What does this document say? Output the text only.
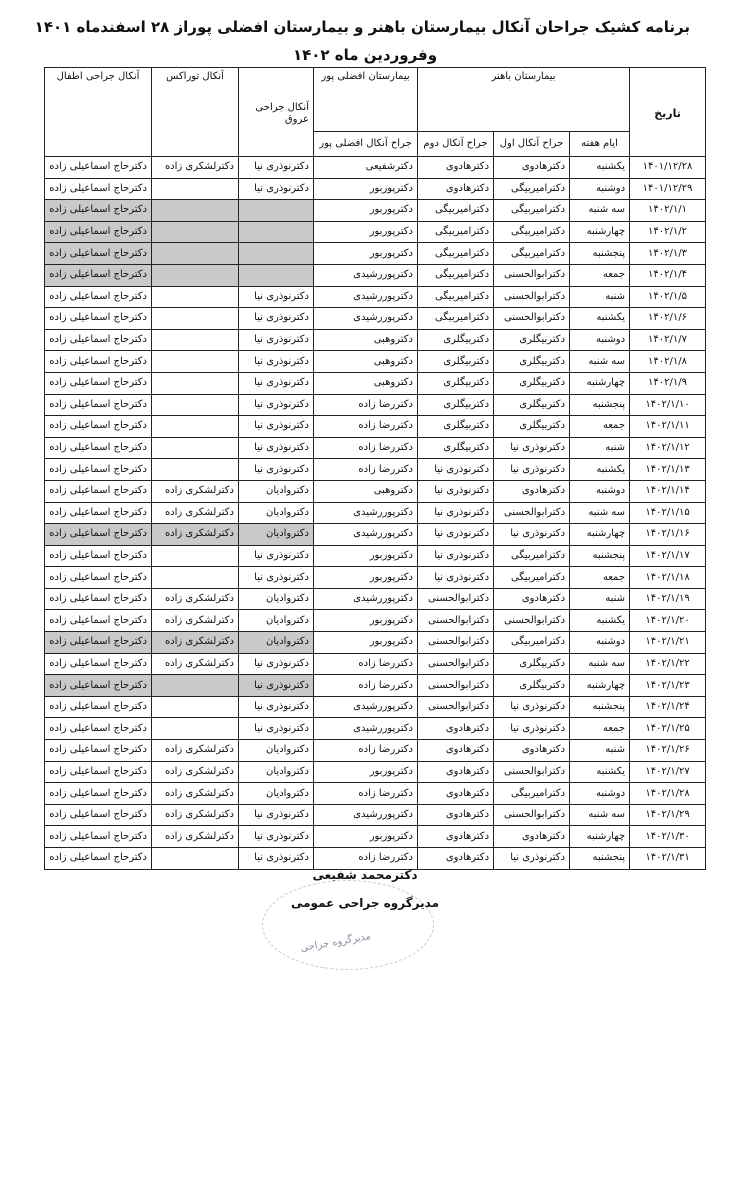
برنامه کشیک جراحان آنکال بیمارستان باهنر و بیمارستان افضلی پوراز ۲۸ اسفندماه ۱۴۰۱
وفروردین ماه ۱۴۰۲
تاریخ	بیمارستان باهنر			بیمارستان افضلی پور	آنکال جراحی عروق	آنکال توراکس	آنکال جراحی اطفال
	ایام هفته	جراح آنکال اول	جراح آنکال دوم	جراح آنکال افضلی پور			
۱۴۰۱/۱۲/۲۸	یکشنبه	دکترهادوی	دکترهادوی	دکترشفیعی	دکترنوذری نیا	دکترلشکری زاده	دکترحاج اسماعیلی زاده
۱۴۰۱/۱۲/۲۹	دوشنبه	دکترامیربیگی	دکترهادوی	دکترپوربور	دکترنوذری نیا		دکترحاج اسماعیلی زاده
۱۴۰۲/۱/۱	سه شنبه	دکترامیربیگی	دکترامیربیگی	دکترپوربور			دکترحاج اسماعیلی زاده
۱۴۰۲/۱/۲	چهارشنبه	دکترامیربیگی	دکترامیربیگی	دکترپوربور			دکترحاج اسماعیلی زاده
۱۴۰۲/۱/۳	پنجشنبه	دکترامیربیگی	دکترامیربیگی	دکترپوربور			دکترحاج اسماعیلی زاده
۱۴۰۲/۱/۴	جمعه	دکترابوالحسنی	دکترامیربیگی	دکترپوررشیدی			دکترحاج اسماعیلی زاده
۱۴۰۲/۱/۵	شنبه	دکترابوالحسنی	دکترامیربیگی	دکترپوررشیدی	دکترنوذری نیا		دکترحاج اسماعیلی زاده
۱۴۰۲/۱/۶	یکشنبه	دکترابوالحسنی	دکترامیربیگی	دکترپوررشیدی	دکترنوذری نیا		دکترحاج اسماعیلی زاده
۱۴۰۲/۱/۷	دوشنبه	دکتربیگلری	دکتربیگلری	دکتروهبی	دکترنوذری نیا		دکترحاج اسماعیلی زاده
۱۴۰۲/۱/۸	سه شنبه	دکتربیگلری	دکتربیگلری	دکتروهبی	دکترنوذری نیا		دکترحاج اسماعیلی زاده
۱۴۰۲/۱/۹	چهارشنبه	دکتربیگلری	دکتربیگلری	دکتروهبی	دکترنوذری نیا		دکترحاج اسماعیلی زاده
۱۴۰۲/۱/۱۰	پنجشنبه	دکتربیگلری	دکتربیگلری	دکتررضا زاده	دکترنوذری نیا		دکترحاج اسماعیلی زاده
۱۴۰۲/۱/۱۱	جمعه	دکتربیگلری	دکتربیگلری	دکتررضا زاده	دکترنوذری نیا		دکترحاج اسماعیلی زاده
۱۴۰۲/۱/۱۲	شنبه	دکترنوذری نیا	دکتربیگلری	دکتررضا زاده	دکترنوذری نیا		دکترحاج اسماعیلی زاده
۱۴۰۲/۱/۱۳	یکشنبه	دکترنوذری نیا	دکترنوذری نیا	دکتررضا زاده	دکترنوذری نیا		دکترحاج اسماعیلی زاده
۱۴۰۲/۱/۱۴	دوشنبه	دکترهادوی	دکترنوذری نیا	دکتروهبی	دکتروادیان	دکترلشکری زاده	دکترحاج اسماعیلی زاده
۱۴۰۲/۱/۱۵	سه شنبه	دکترابوالحسنی	دکترنوذری نیا	دکترپوررشیدی	دکتروادیان	دکترلشکری زاده	دکترحاج اسماعیلی زاده
۱۴۰۲/۱/۱۶	چهارشنبه	دکترنوذری نیا	دکترنوذری نیا	دکترپوررشیدی	دکتروادیان	دکترلشکری زاده	دکترحاج اسماعیلی زاده
۱۴۰۲/۱/۱۷	پنجشنبه	دکترامیربیگی	دکترنوذری نیا	دکترپوربور	دکترنوذری نیا		دکترحاج اسماعیلی زاده
۱۴۰۲/۱/۱۸	جمعه	دکترامیربیگی	دکترنوذری نیا	دکترپوربور	دکترنوذری نیا		دکترحاج اسماعیلی زاده
۱۴۰۲/۱/۱۹	شنبه	دکترهادوی	دکترابوالحسنی	دکترپوررشیدی	دکتروادیان	دکترلشکری زاده	دکترحاج اسماعیلی زاده
۱۴۰۲/۱/۲۰	یکشنبه	دکترابوالحسنی	دکترابوالحسنی	دکترپوربور	دکتروادیان	دکترلشکری زاده	دکترحاج اسماعیلی زاده
۱۴۰۲/۱/۲۱	دوشنبه	دکترامیربیگی	دکترابوالحسنی	دکترپوربور	دکتروادیان	دکترلشکری زاده	دکترحاج اسماعیلی زاده
۱۴۰۲/۱/۲۲	سه شنبه	دکتربیگلری	دکترابوالحسنی	دکتررضا زاده	دکترنوذری نیا	دکترلشکری زاده	دکترحاج اسماعیلی زاده
۱۴۰۲/۱/۲۳	چهارشنبه	دکتربیگلری	دکترابوالحسنی	دکتررضا زاده	دکترنوذری نیا		دکترحاج اسماعیلی زاده
۱۴۰۲/۱/۲۴	پنجشنبه	دکترنوذری نیا	دکترابوالحسنی	دکترپوررشیدی	دکترنوذری نیا		دکترحاج اسماعیلی زاده
۱۴۰۲/۱/۲۵	جمعه	دکترنوذری نیا	دکترهادوی	دکترپوررشیدی	دکترنوذری نیا		دکترحاج اسماعیلی زاده
۱۴۰۲/۱/۲۶	شنبه	دکترهادوی	دکترهادوی	دکتررضا زاده	دکتروادیان	دکترلشکری زاده	دکترحاج اسماعیلی زاده
۱۴۰۲/۱/۲۷	یکشنبه	دکترابوالحسنی	دکترهادوی	دکترپوربور	دکتروادیان	دکترلشکری زاده	دکترحاج اسماعیلی زاده
۱۴۰۲/۱/۲۸	دوشنبه	دکترامیربیگی	دکترهادوی	دکتررضا زاده	دکتروادیان	دکترلشکری زاده	دکترحاج اسماعیلی زاده
۱۴۰۲/۱/۲۹	سه شنبه	دکترابوالحسنی	دکترهادوی	دکترپوررشیدی	دکترنوذری نیا	دکترلشکری زاده	دکترحاج اسماعیلی زاده
۱۴۰۲/۱/۳۰	چهارشنبه	دکترهادوی	دکترهادوی	دکترپوربور	دکترنوذری نیا	دکترلشکری زاده	دکترحاج اسماعیلی زاده
۱۴۰۲/۱/۳۱	پنجشنبه	دکترنوذری نیا	دکترهادوی	دکتررضا زاده	دکترنوذری نیا		دکترحاج اسماعیلی زاده
دکترمحمد شفیعی
مدیرگروه جراحی عمومی
مدیرگروه جراحی
